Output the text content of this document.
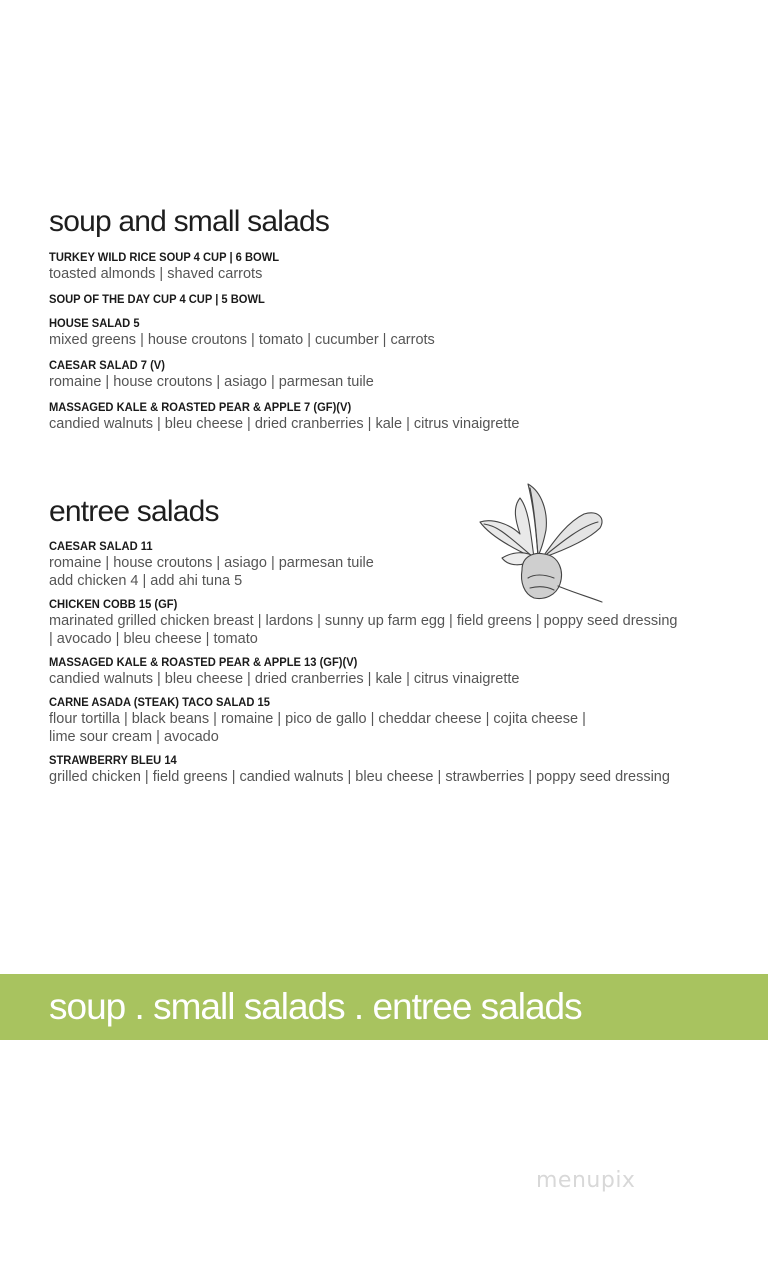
soup and small salads
TURKEY WILD RICE SOUP 4 CUP | 6 BOWL
toasted almonds | shaved carrots
SOUP OF THE DAY CUP 4 CUP | 5 BOWL
HOUSE SALAD 5
mixed greens | house croutons | tomato | cucumber | carrots
CAESAR SALAD 7 (V)
romaine | house croutons | asiago | parmesan tuile
MASSAGED KALE & ROASTED PEAR & APPLE 7 (GF)(V)
candied walnuts | bleu cheese | dried cranberries | kale | citrus vinaigrette
entree salads
CAESAR SALAD 11
romaine | house croutons | asiago | parmesan tuile
add chicken 4 | add ahi tuna 5
CHICKEN COBB 15 (GF)
marinated grilled chicken breast | lardons | sunny up farm egg | field greens | poppy seed dressing
| avocado | bleu cheese | tomato
MASSAGED KALE & ROASTED PEAR & APPLE 13 (GF)(V)
candied walnuts | bleu cheese | dried cranberries | kale | citrus vinaigrette
CARNE ASADA (STEAK) TACO SALAD 15
flour tortilla | black beans | romaine | pico de gallo | cheddar cheese | cojita cheese |
lime sour cream | avocado
STRAWBERRY BLEU 14
grilled chicken | field greens | candied walnuts | bleu cheese | strawberries | poppy seed dressing
soup . small salads . entree salads
menupix
